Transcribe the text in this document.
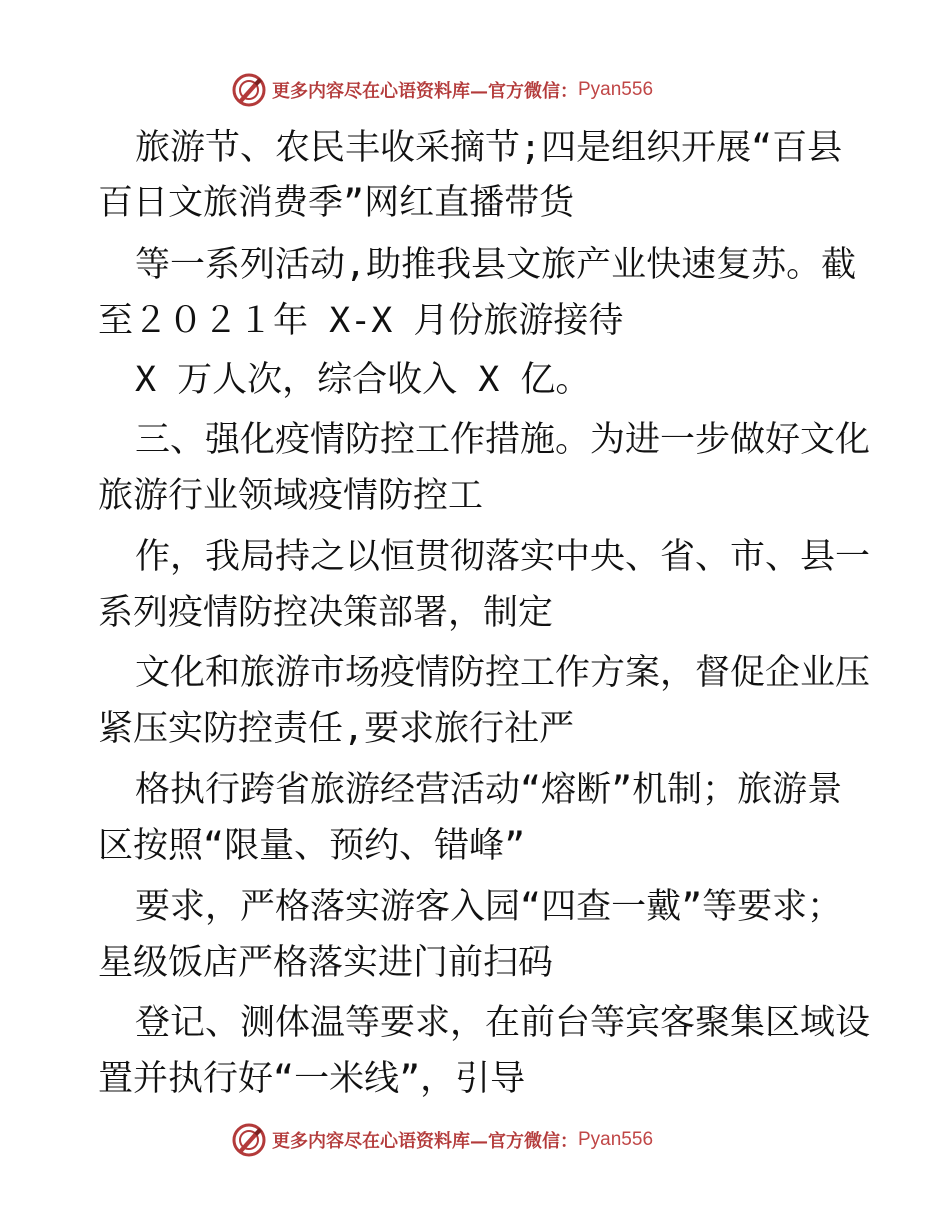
更多内容尽在心语资料库—官方微信： Pyan556
旅游节、农民丰收采摘节;四是组织开展“百县
百日文旅消费季”网红直播带货
等一系列活动,助推我县文旅产业快速复苏。截
至２０２１年 X-X 月份旅游接待
X 万人次，综合收入 X 亿。
三、强化疫情防控工作措施。为进一步做好文化
旅游行业领域疫情防控工
作，我局持之以恒贯彻落实中央、省、市、县一
系列疫情防控决策部署，制定
文化和旅游市场疫情防控工作方案，督促企业压
紧压实防控责任,要求旅行社严
格执行跨省旅游经营活动“熔断”机制；旅游景
区按照“限量、预约、错峰”
要求，严格落实游客入园“四查一戴”等要求；
星级饭店严格落实进门前扫码
登记、测体温等要求，在前台等宾客聚集区域设
置并执行好“一米线”，引导
更多内容尽在心语资料库—官方微信： Pyan556
